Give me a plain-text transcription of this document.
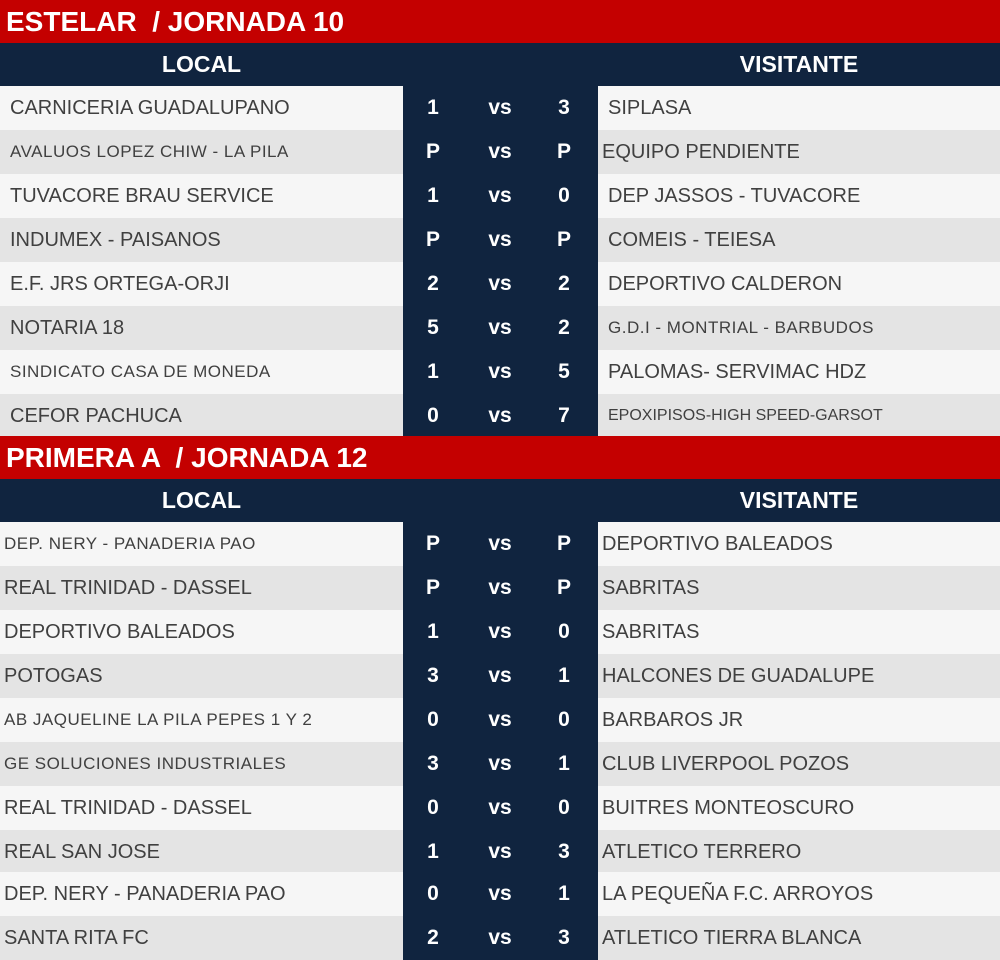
ESTELAR  / JORNADA 10
LOCAL	VISITANTE
CARNICERIA GUADALUPANO	1	vs	3	SIPLASA
AVALUOS LOPEZ CHIW - LA PILA	P	vs	P	EQUIPO PENDIENTE
TUVACORE BRAU SERVICE	1	vs	0	DEP JASSOS - TUVACORE
INDUMEX - PAISANOS	P	vs	P	COMEIS - TEIESA
E.F. JRS ORTEGA-ORJI	2	vs	2	DEPORTIVO CALDERON
NOTARIA 18	5	vs	2	G.D.I - MONTRIAL - BARBUDOS
SINDICATO CASA DE MONEDA	1	vs	5	PALOMAS- SERVIMAC HDZ
CEFOR PACHUCA	0	vs	7	EPOXIPISOS-HIGH SPEED-GARSOT
PRIMERA A  / JORNADA 12
LOCAL	VISITANTE
DEP. NERY - PANADERIA PAO	P	vs	P	DEPORTIVO BALEADOS
REAL TRINIDAD - DASSEL	P	vs	P	SABRITAS
DEPORTIVO BALEADOS	1	vs	0	SABRITAS
POTOGAS	3	vs	1	HALCONES DE GUADALUPE
AB JAQUELINE LA PILA PEPES 1 Y 2	0	vs	0	BARBAROS JR
GE SOLUCIONES INDUSTRIALES	3	vs	1	CLUB LIVERPOOL POZOS
REAL TRINIDAD - DASSEL	0	vs	0	BUITRES MONTEOSCURO
REAL SAN JOSE	1	vs	3	ATLETICO TERRERO
DEP. NERY - PANADERIA PAO	0	vs	1	LA PEQUEÑA F.C. ARROYOS
SANTA RITA FC	2	vs	3	ATLETICO TIERRA BLANCA
